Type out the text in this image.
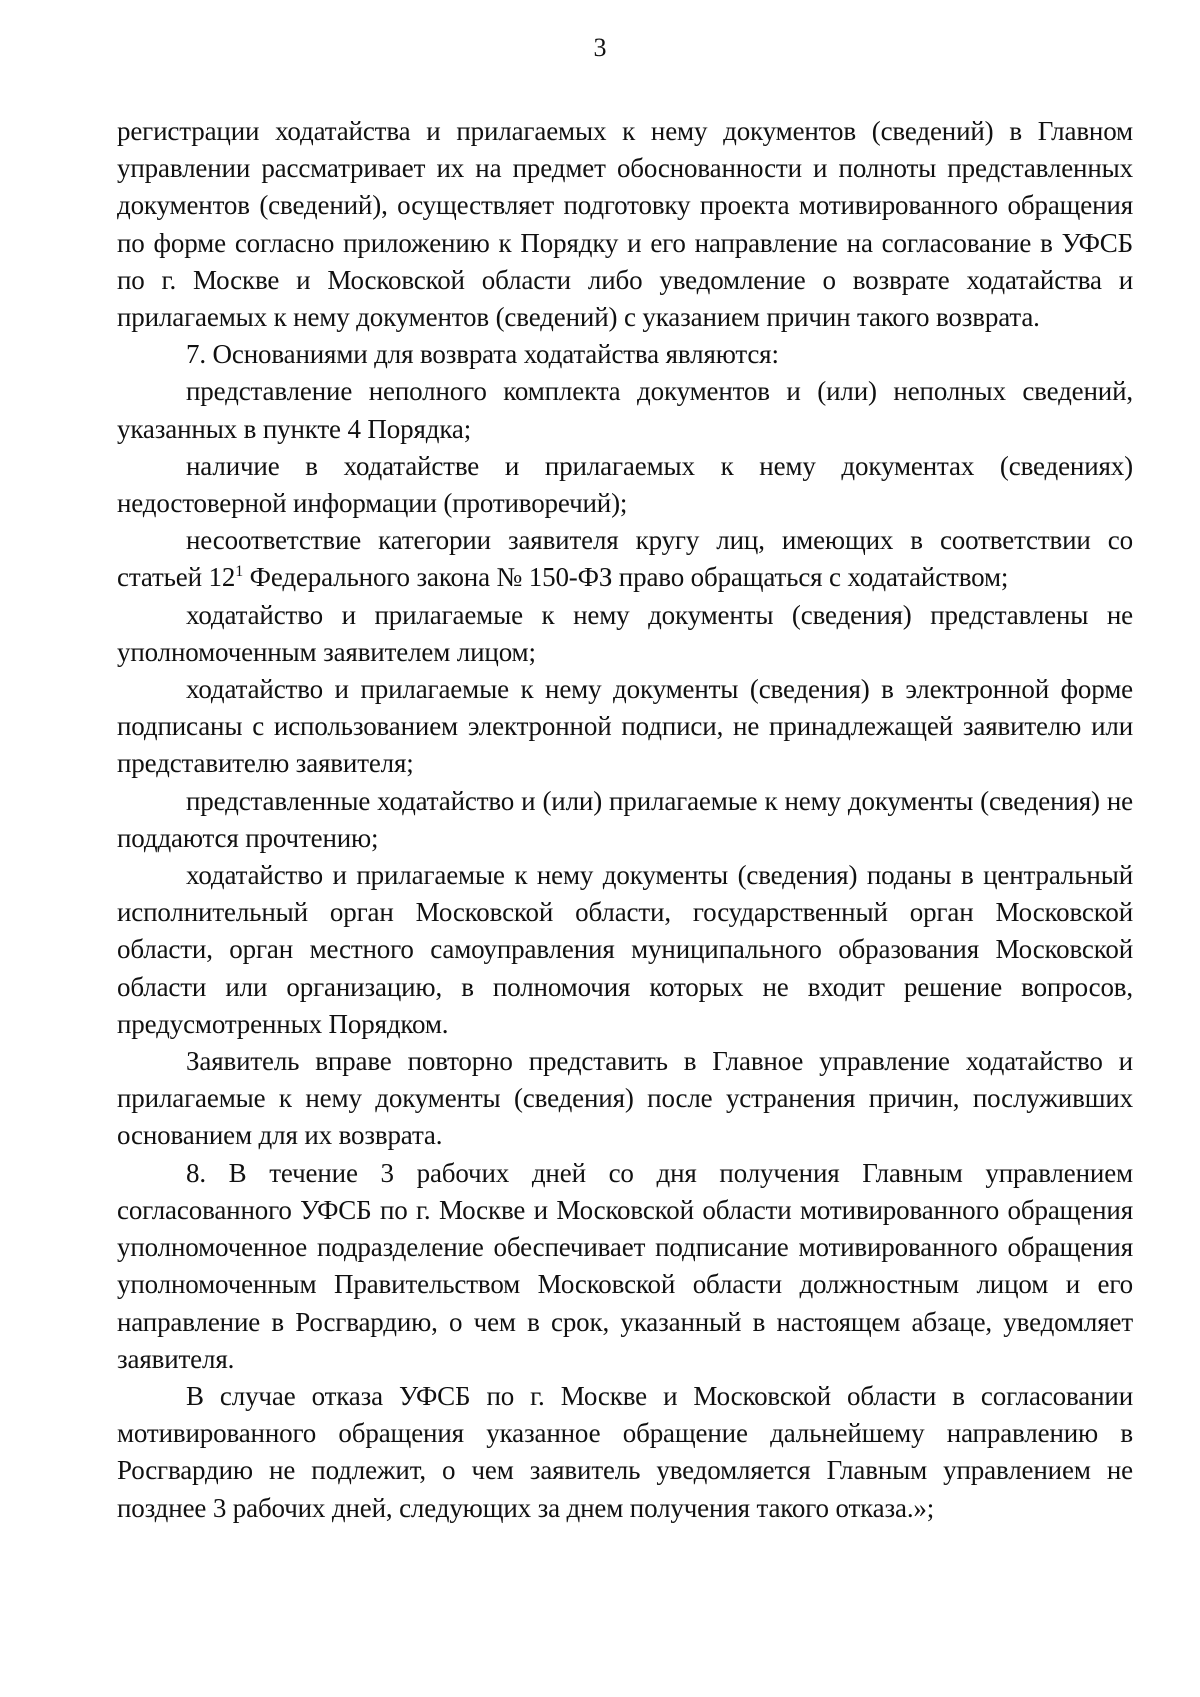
3

регистрации ходатайства и прилагаемых к нему документов (сведений) в Главном управлении рассматривает их на предмет обоснованности и полноты представленных документов (сведений), осуществляет подготовку проекта мотивированного обращения по форме согласно приложению к Порядку и его направление на согласование в УФСБ по г. Москве и Московской области либо уведомление о возврате ходатайства и прилагаемых к нему документов (сведений) с указанием причин такого возврата.

7. Основаниями для возврата ходатайства являются:

представление неполного комплекта документов и (или) неполных сведений, указанных в пункте 4 Порядка;

наличие в ходатайстве и прилагаемых к нему документах (сведениях) недостоверной информации (противоречий);

несоответствие категории заявителя кругу лиц, имеющих в соответствии со статьей $12^1$ Федерального закона № 150-ФЗ право обращаться с ходатайством;

ходатайство и прилагаемые к нему документы (сведения) представлены не уполномоченным заявителем лицом;

ходатайство и прилагаемые к нему документы (сведения) в электронной форме подписаны с использованием электронной подписи, не принадлежащей заявителю или представителю заявителя;

представленные ходатайство и (или) прилагаемые к нему документы (сведения) не поддаются прочтению;

ходатайство и прилагаемые к нему документы (сведения) поданы в центральный исполнительный орган Московской области, государственный орган Московской области, орган местного самоуправления муниципального образования Московской области или организацию, в полномочия которых не входит решение вопросов, предусмотренных Порядком.

Заявитель вправе повторно представить в Главное управление ходатайство и прилагаемые к нему документы (сведения) после устранения причин, послуживших основанием для их возврата.

8. В течение 3 рабочих дней со дня получения Главным управлением согласованного УФСБ по г. Москве и Московской области мотивированного обращения уполномоченное подразделение обеспечивает подписание мотивированного обращения уполномоченным Правительством Московской области должностным лицом и его направление в Росгвардию, о чем в срок, указанный в настоящем абзаце, уведомляет заявителя.

В случае отказа УФСБ по г. Москве и Московской области в согласовании мотивированного обращения указанное обращение дальнейшему направлению в Росгвардию не подлежит, о чем заявитель уведомляется Главным управлением не позднее 3 рабочих дней, следующих за днем получения такого отказа.»;
